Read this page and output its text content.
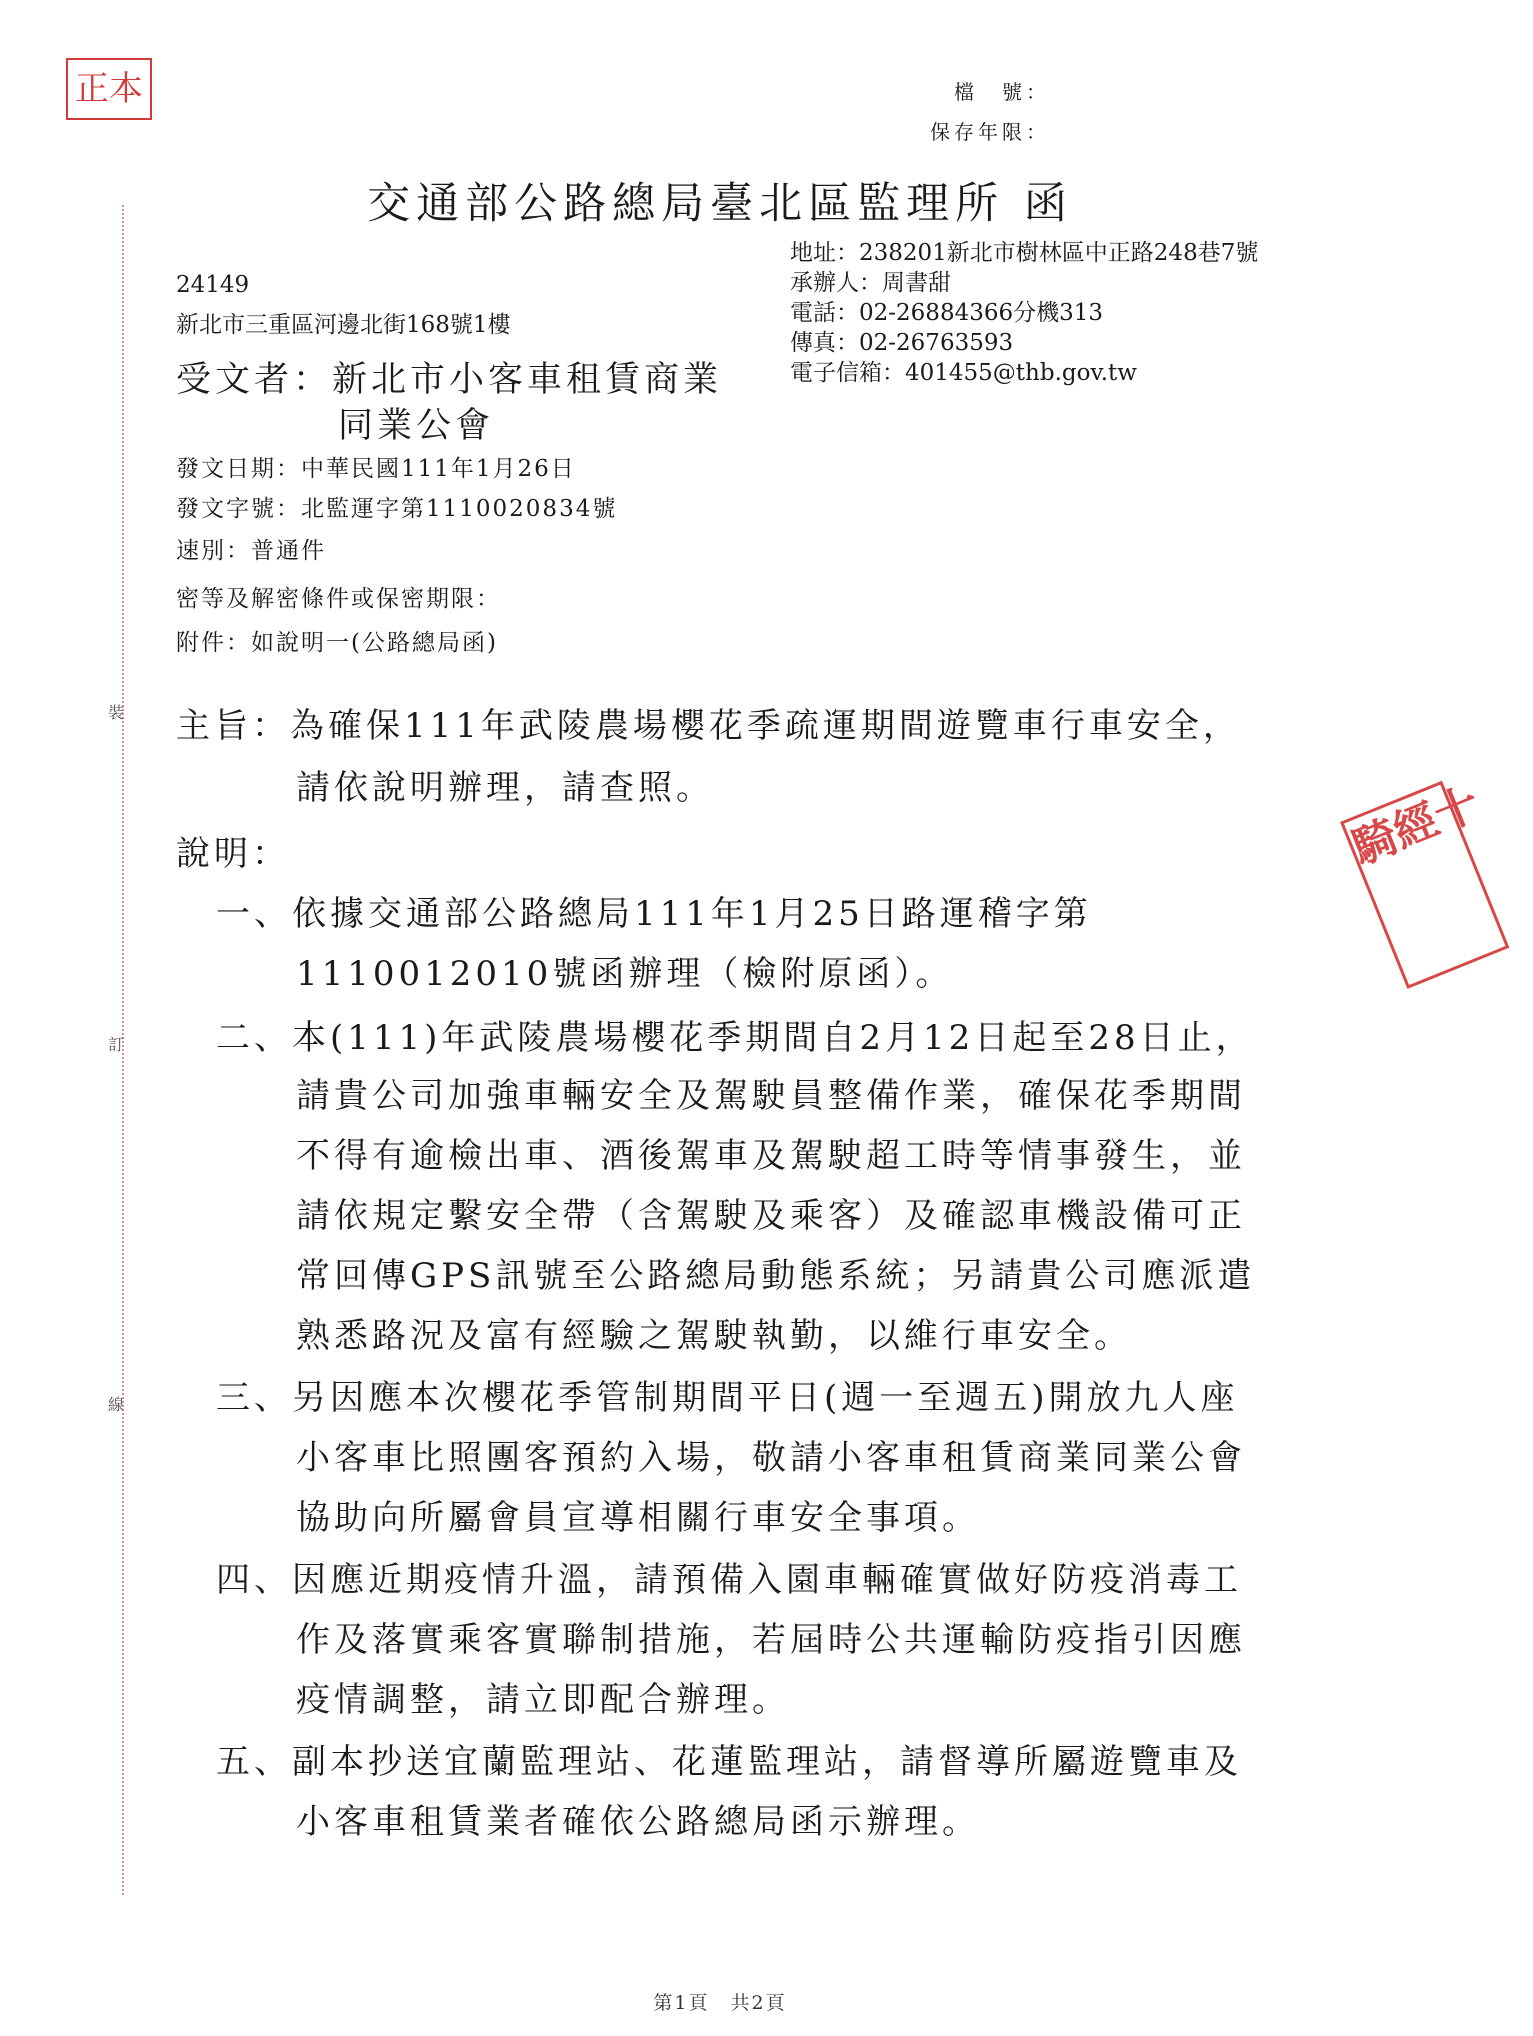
正本
騎經十
檔　號：
保存年限：
交通部公路總局臺北區監理所 函
地址：238201新北市樹林區中正路248巷7號
承辦人：周書甜
電話：02-26884366分機313
傳真：02-26763593
電子信箱：401455@thb.gov.tw
24149
新北市三重區河邊北街168號1樓
受文者：新北市小客車租賃商業
同業公會
發文日期：中華民國111年1月26日
發文字號：北監運字第1110020834號
速別：普通件
密等及解密條件或保密期限：
附件：如說明一(公路總局函)
裝
訂
線
主旨：為確保111年武陵農場櫻花季疏運期間遊覽車行車安全，
請依說明辦理，請查照。
說明：
一、依據交通部公路總局111年1月25日路運稽字第
1110012010號函辦理（檢附原函）。
二、本(111)年武陵農場櫻花季期間自2月12日起至28日止，
請貴公司加強車輛安全及駕駛員整備作業，確保花季期間
不得有逾檢出車、酒後駕車及駕駛超工時等情事發生，並
請依規定繫安全帶（含駕駛及乘客）及確認車機設備可正
常回傳GPS訊號至公路總局動態系統；另請貴公司應派遣
熟悉路況及富有經驗之駕駛執勤，以維行車安全。
三、另因應本次櫻花季管制期間平日(週一至週五)開放九人座
小客車比照團客預約入場，敬請小客車租賃商業同業公會
協助向所屬會員宣導相關行車安全事項。
四、因應近期疫情升溫，請預備入園車輛確實做好防疫消毒工
作及落實乘客實聯制措施，若屆時公共運輸防疫指引因應
疫情調整，請立即配合辦理。
五、副本抄送宜蘭監理站、花蓮監理站，請督導所屬遊覽車及
小客車租賃業者確依公路總局函示辦理。
第1頁　共2頁
